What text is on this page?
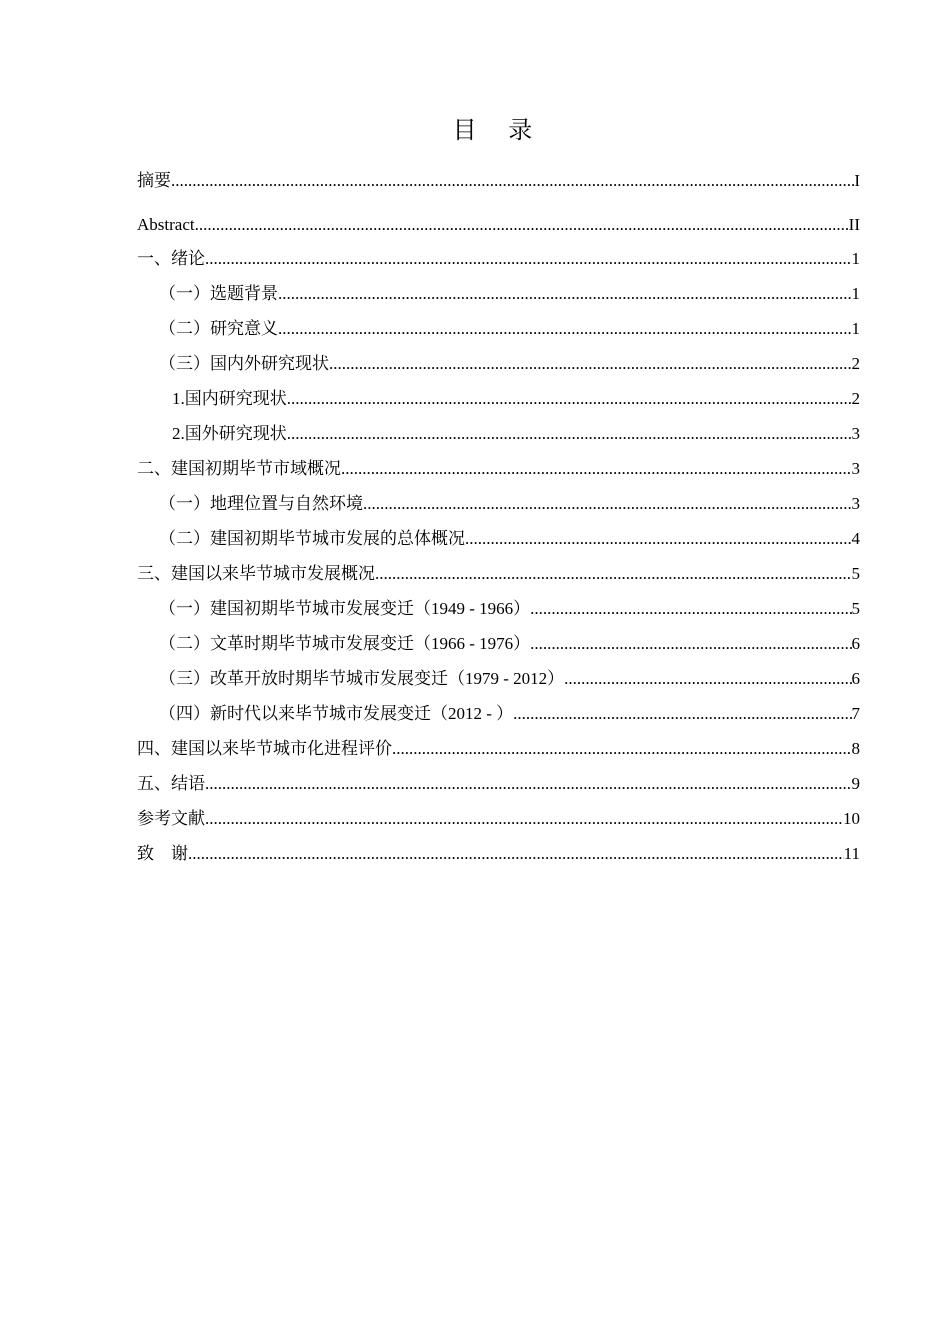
目 录
摘要 .....	I
Abstract .....	II
一、绪论 .....	1
（一）选题背景 .....	1
（二）研究意义 .....	1
（三）国内外研究现状 .....	2
1.国内研究现状 .....	2
2.国外研究现状 .....	3
二、建国初期毕节市域概况 .....	3
（一）地理位置与自然环境 .....	3
（二）建国初期毕节城市发展的总体概况 .....	4
三、建国以来毕节城市发展概况 .....	5
（一）建国初期毕节城市发展变迁（1949 - 1966） .....	5
（二）文革时期毕节城市发展变迁（1966 - 1976） .....	6
（三）改革开放时期毕节城市发展变迁（1979 - 2012） .....	6
（四）新时代以来毕节城市发展变迁（2012 - ） .....	7
四、建国以来毕节城市化进程评价 .....	8
五、结语 .....	9
参考文献 .....	10
致　谢 .....	11
